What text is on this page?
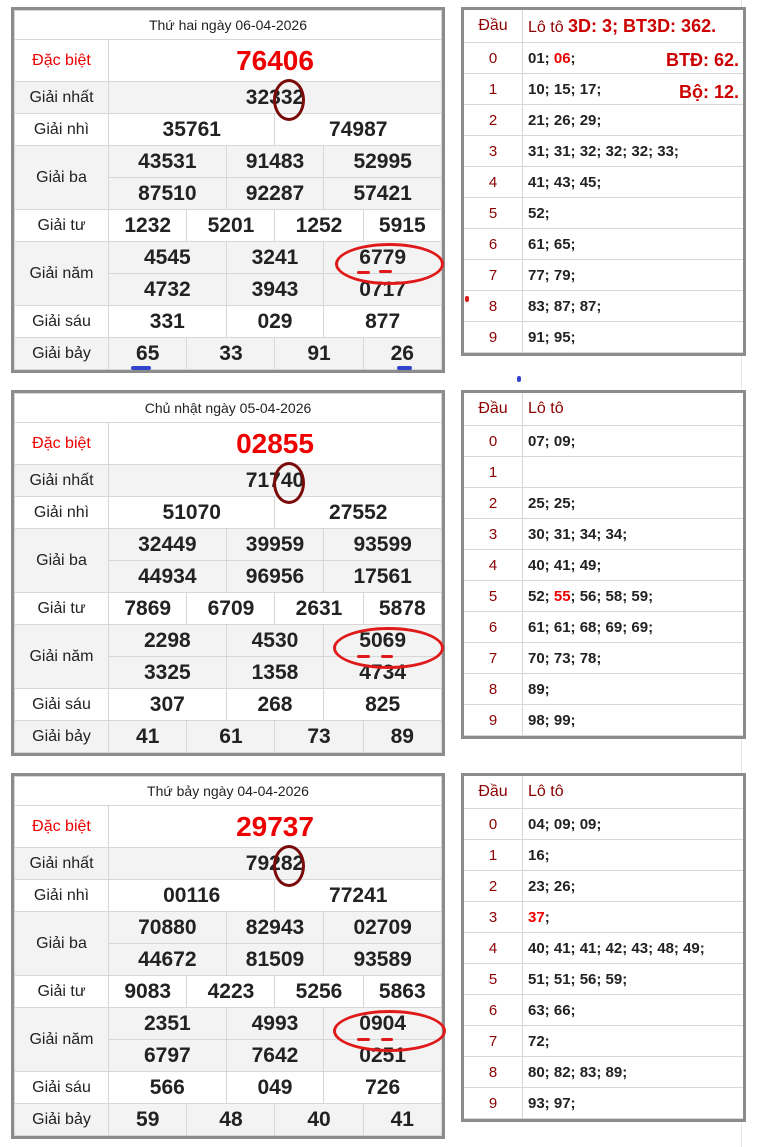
Thứ hai ngày 06-04-2026						
Đặc biệt	76406					
Giải nhất	32332					
Giải nhì	35761			74987		
Giải ba	43531		91483		52995	
	87510		92287		57421	
Giải tư	1232	5201		1252		5915
Giải năm	4545		3241		6779	
	4732		3943		0717	
Giải sáu	331		029		877	
Giải bảy	65	33		91		26
Đầu	Lô tô 3D: 3; BT3D: 362.
0	01; 06;
1	10; 15; 17;
2	21; 26; 29;
3	31; 31; 32; 32; 32; 33;
4	41; 43; 45;
5	52;
6	61; 65;
7	77; 79;
8	83; 87; 87;
9	91; 95;
BTĐ: 62.
Bộ: 12.
Chủ nhật ngày 05-04-2026						
Đặc biệt	02855					
Giải nhất	71740					
Giải nhì	51070			27552		
Giải ba	32449		39959		93599	
	44934		96956		17561	
Giải tư	7869	6709		2631		5878
Giải năm	2298		4530		5069	
	3325		1358		4734	
Giải sáu	307		268		825	
Giải bảy	41	61		73		89
Đầu	Lô tô
0	07; 09;
1	
2	25; 25;
3	30; 31; 34; 34;
4	40; 41; 49;
5	52; 55; 56; 58; 59;
6	61; 61; 68; 69; 69;
7	70; 73; 78;
8	89;
9	98; 99;
Thứ bảy ngày 04-04-2026						
Đặc biệt	29737					
Giải nhất	79282					
Giải nhì	00116			77241		
Giải ba	70880		82943		02709	
	44672		81509		93589	
Giải tư	9083	4223		5256		5863
Giải năm	2351		4993		0904	
	6797		7642		0251	
Giải sáu	566		049		726	
Giải bảy	59	48		40		41
Đầu	Lô tô
0	04; 09; 09;
1	16;
2	23; 26;
3	37;
4	40; 41; 41; 42; 43; 48; 49;
5	51; 51; 56; 59;
6	63; 66;
7	72;
8	80; 82; 83; 89;
9	93; 97;
